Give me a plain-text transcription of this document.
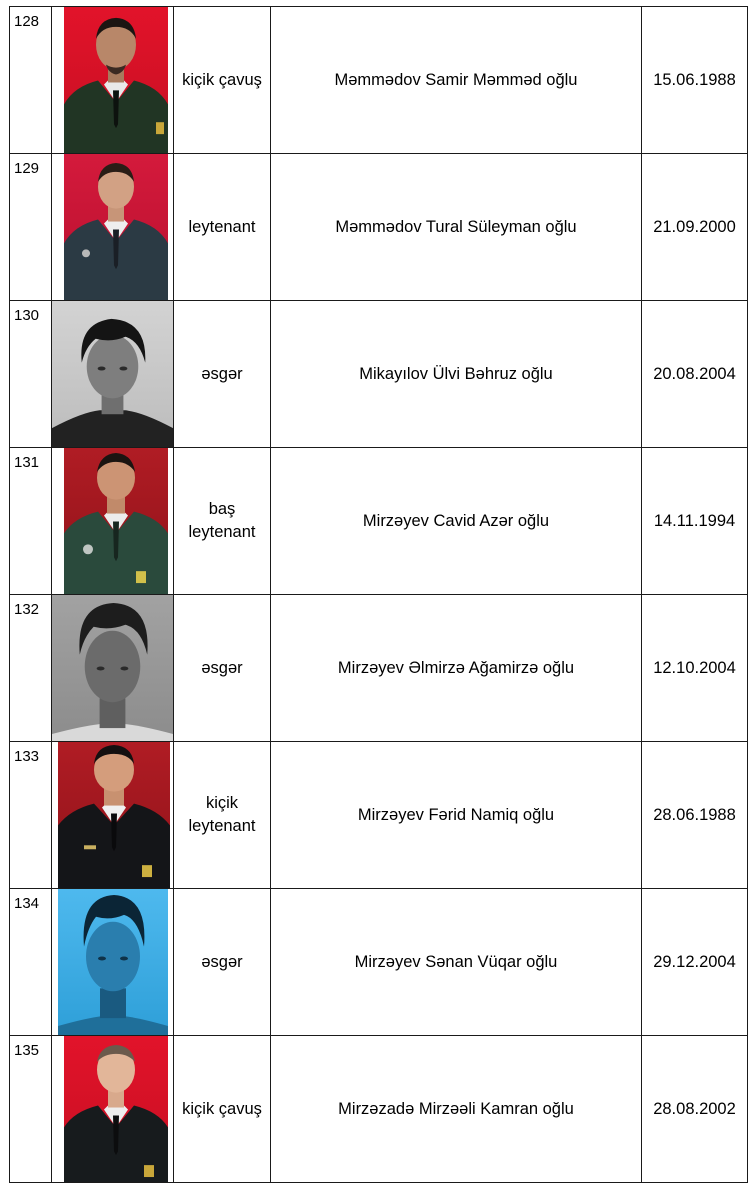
128		kiçik çavuş	Məmmədov Samir Məmməd oğlu	15.06.1988
129		leytenant	Məmmədov Tural Süleyman oğlu	21.09.2000
130		əsgər	Mikayılov Ülvi Bəhruz oğlu	20.08.2004
131		baş leytenant	Mirzəyev Cavid Azər oğlu	14.11.1994
132		əsgər	Mirzəyev Əlmirzə Ağamirzə oğlu	12.10.2004
133		kiçik leytenant	Mirzəyev Fərid Namiq oğlu	28.06.1988
134		əsgər	Mirzəyev Sənan Vüqar oğlu	29.12.2004
135		kiçik çavuş	Mirzəzadə Mirzəəli Kamran oğlu	28.08.2002
